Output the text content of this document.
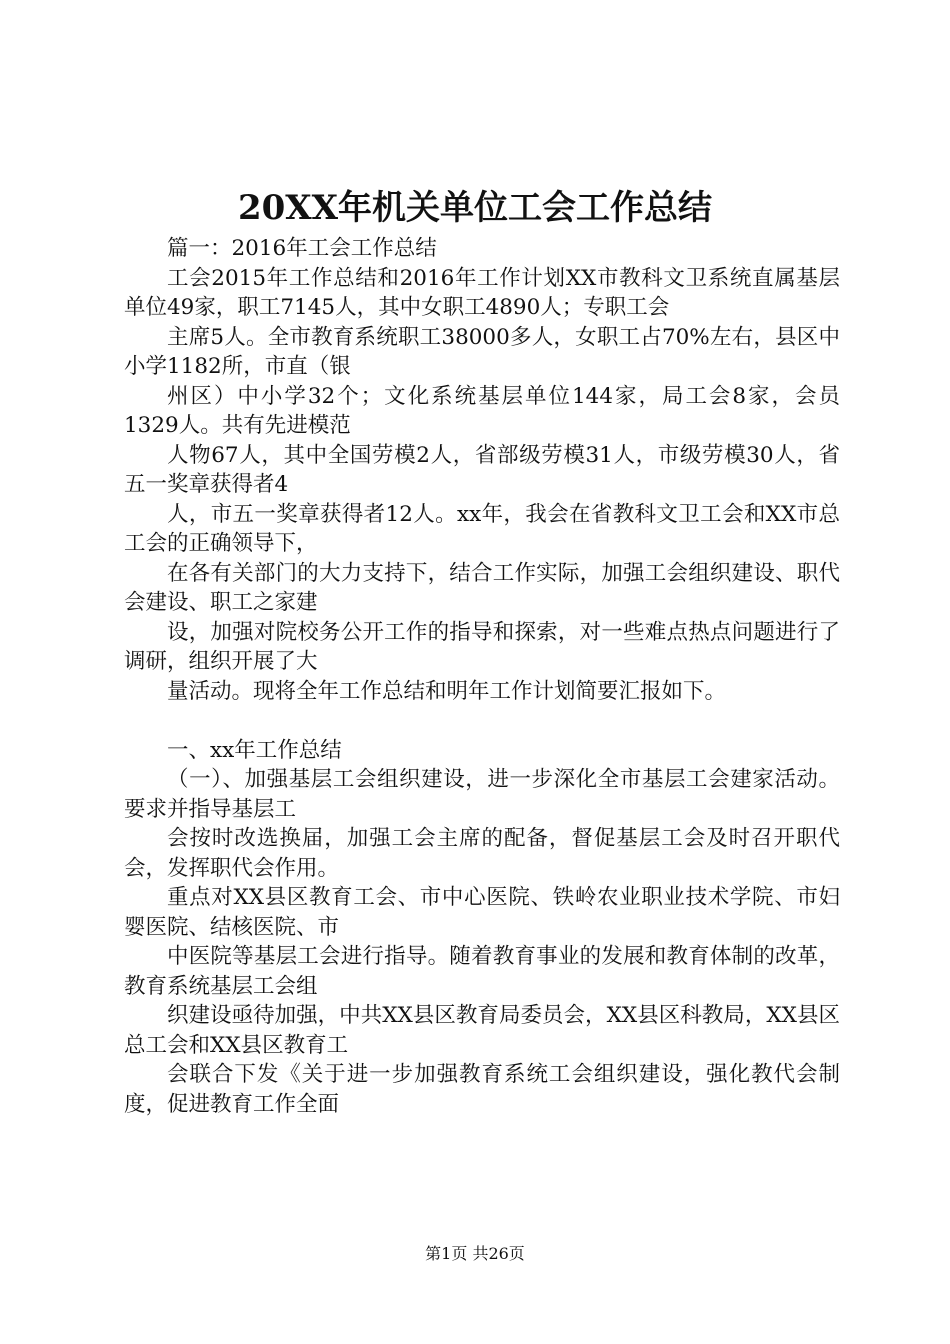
20XX年机关单位工会工作总结

篇一：2016年工会工作总结

工会2015年工作总结和2016年工作计划XX市教科文卫系统直属基层单位49家，职工7145人，其中女职工4890人；专职工会

主席5人。全市教育系统职工38000多人，女职工占70%左右，县区中小学1182所，市直（银

州区）中小学32个；文化系统基层单位144家，局工会8家，会员1329人。共有先进模范

人物67人，其中全国劳模2人，省部级劳模31人，市级劳模30人，省五一奖章获得者4

人，市五一奖章获得者12人。xx年，我会在省教科文卫工会和XX市总工会的正确领导下，

在各有关部门的大力支持下，结合工作实际，加强工会组织建设、职代会建设、职工之家建

设，加强对院校务公开工作的指导和探索，对一些难点热点问题进行了调研，组织开展了大

量活动。现将全年工作总结和明年工作计划简要汇报如下。

一、xx年工作总结

（一）、加强基层工会组织建设，进一步深化全市基层工会建家活动。要求并指导基层工

会按时改选换届，加强工会主席的配备，督促基层工会及时召开职代会，发挥职代会作用。

重点对XX县区教育工会、市中心医院、铁岭农业职业技术学院、市妇婴医院、结核医院、市

中医院等基层工会进行指导。随着教育事业的发展和教育体制的改革，教育系统基层工会组

织建设亟待加强，中共XX县区教育局委员会，XX县区科教局，XX县区总工会和XX县区教育工

会联合下发《关于进一步加强教育系统工会组织建设，强化教代会制度，促进教育工作全面

第1页 共26页
